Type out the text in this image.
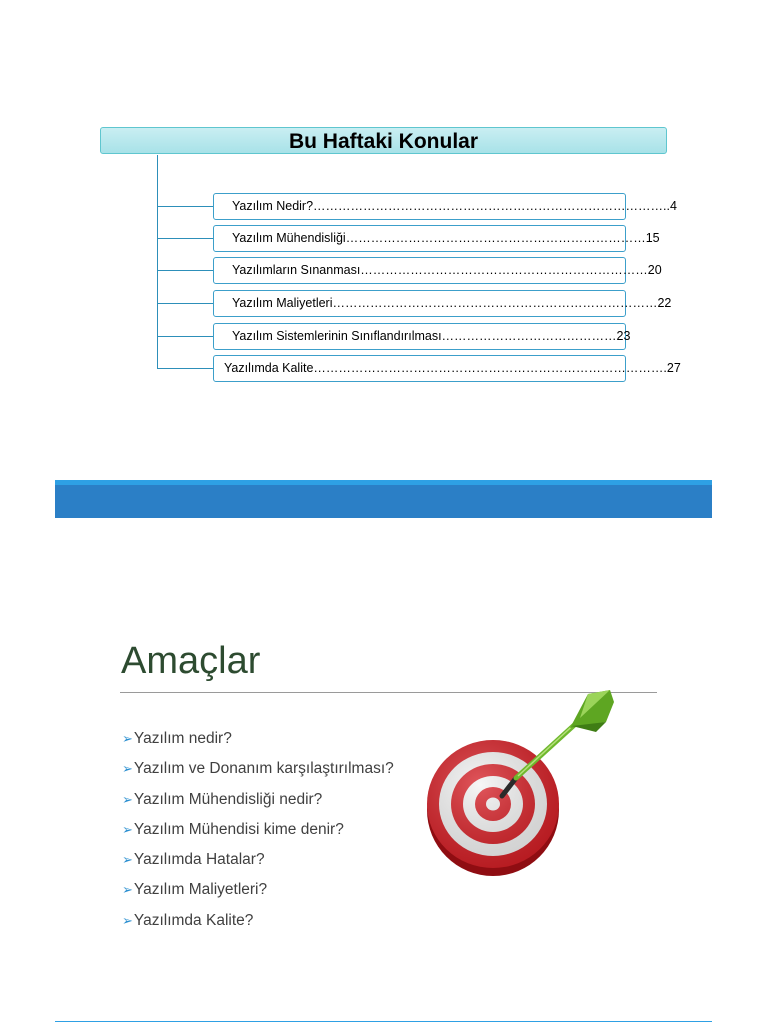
Bu Haftaki Konular
Yazılım Nedir?…………………………………………………………………………..4
Yazılım Mühendisliği………………………………………………………………15
Yazılımların Sınanması……………………………………………………………20
Yazılım Maliyetleri……………………………………………………………………22
Yazılım Sistemlerinin Sınıflandırılması……………………………………23
Yazılımda Kalite………………………………………………………………………….27
Amaçlar
➢Yazılım nedir?
➢Yazılım ve Donanım karşılaştırılması?
➢Yazılım Mühendisliği nedir?
➢Yazılım Mühendisi kime denir?
➢Yazılımda Hatalar?
➢Yazılım Maliyetleri?
➢Yazılımda Kalite?
